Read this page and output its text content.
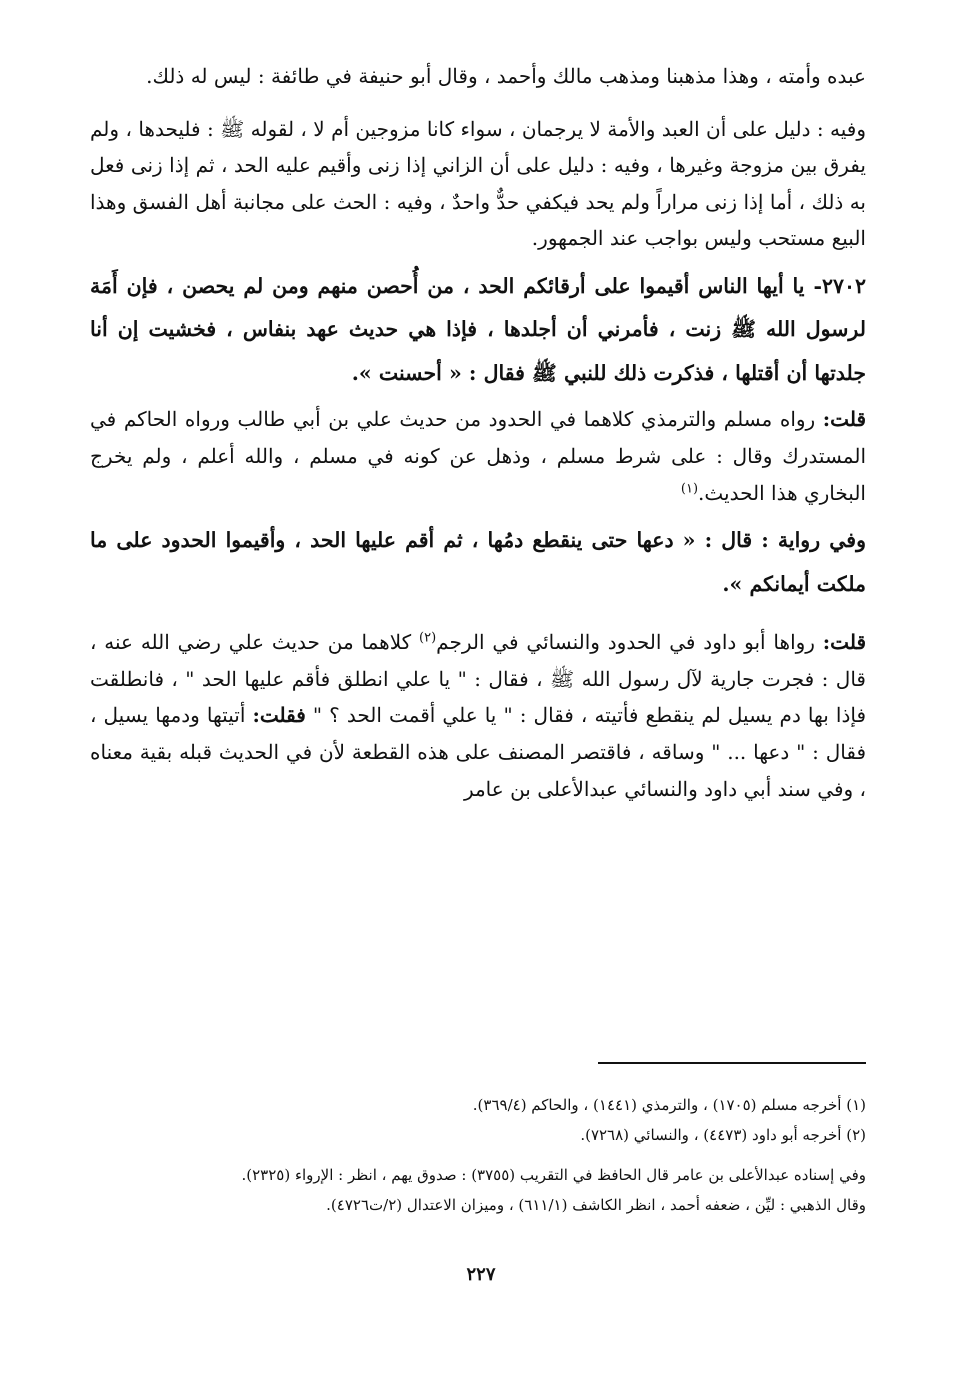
عبده وأمته ، وهذا مذهبنا ومذهب مالك وأحمد ، وقال أبو حنيفة في طائفة : ليس له ذلك.

وفيه : دليل على أن العبد والأمة لا يرجمان ، سواء كانا مزوجين أم لا ، لقوله ﷺ : فليحدها ، ولم يفرق بين مزوجة وغيرها ، وفيه : دليل على أن الزاني إذا زنى وأقيم عليه الحد ، ثم إذا زنى فعل به ذلك ، أما إذا زنى مراراً ولم يحد فيكفي حدٌّ واحدٌ ، وفيه : الحث على مجانبة أهل الفسق وهذا البيع مستحب وليس بواجب عند الجمهور.

٢٧٠٢- يا أيها الناس أقيموا على أرقائكم الحد ، من أُحصن منهم ومن لم يحصن ، فإن أَمَة لرسول الله ﷺ زنت ، فأمرني أن أجلدها ، فإذا هي حديث عهد بنفاس ، فخشيت إن أنا جلدتها أن أقتلها ، فذكرت ذلك للنبي ﷺ فقال : « أحسنت ».

قلت: رواه مسلم والترمذي كلاهما في الحدود من حديث علي بن أبي طالب ورواه الحاكم في المستدرك وقال : على شرط مسلم ، وذهل عن كونه في مسلم ، والله أعلم ، ولم يخرج البخاري هذا الحديث.$^{(١)}$

وفي رواية : قال : « دعها حتى ينقطع دمُها ، ثم أقم عليها الحد ، وأقيموا الحدود على ما ملكت أيمانكم ».

قلت: رواها أبو داود في الحدود والنسائي في الرجم$^{(٢)}$ كلاهما من حديث علي رضي الله عنه ، قال : فجرت جارية لآل رسول الله ﷺ ، فقال : " يا علي انطلق فأقم عليها الحد " ، فانطلقت فإذا بها دم يسيل لم ينقطع فأتيته ، فقال : " يا علي أقمت الحد ؟ " فقلت: أتيتها ودمها يسيل ، فقال : " دعها ... " وساقه ، فاقتصر المصنف على هذه القطعة لأن في الحديث قبله بقية معناه ، وفي سند أبي داود والنسائي عبدالأعلى بن عامر

(١) أخرجه مسلم (١٧٠٥) ، والترمذي (١٤٤١) ، والحاكم (٣٦٩/٤).

(٢) أخرجه أبو داود (٤٤٧٣) ، والنسائي (٧٢٦٨).

وفي إسناده عبدالأعلى بن عامر قال الحافظ في التقريب (٣٧٥٥) : صدوق يهم ، انظر : الإرواء (٢٣٢٥).

وقال الذهبي : ليِّن ، ضعفه أحمد ، انظر الكاشف (٦١١/١) ، وميزان الاعتدال (٢/ت٤٧٢٦).

٢٢٧
